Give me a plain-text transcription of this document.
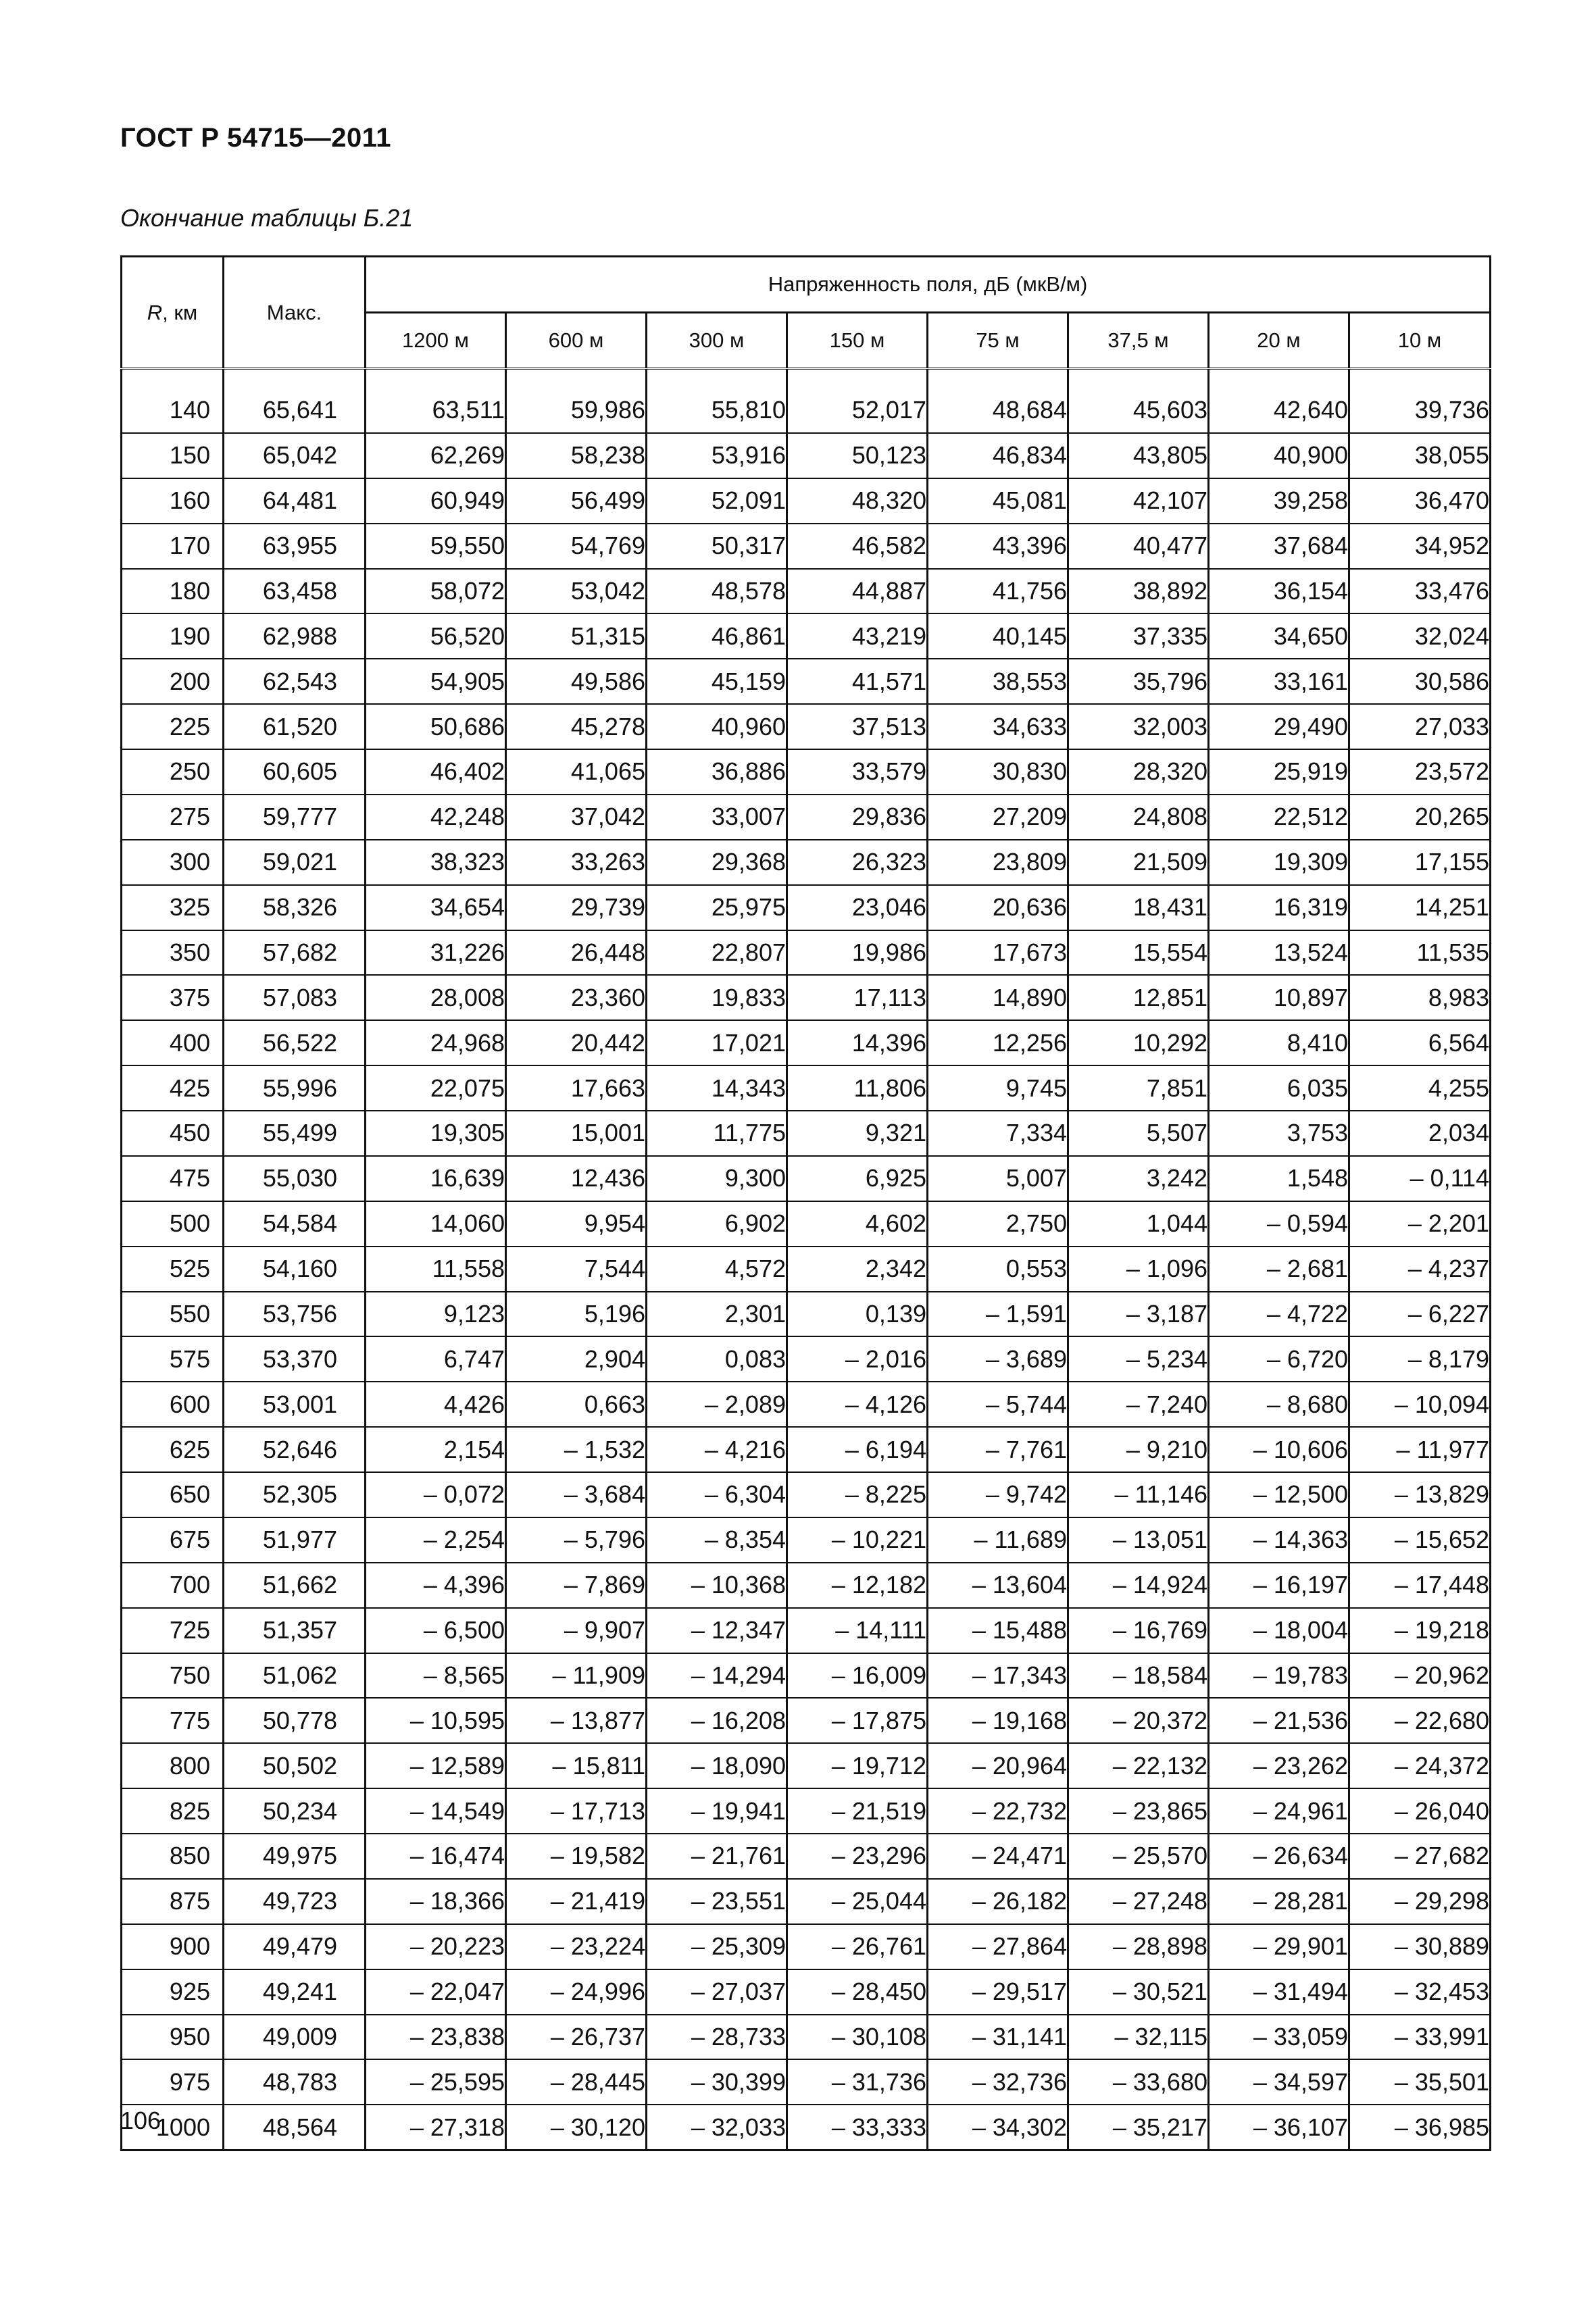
ГОСТ Р 54715—2011
Окончание таблицы Б.21
R, км	Макс.	Напряженность поля, дБ (мкВ/м)							
		1200 м	600 м	300 м	150 м	75 м	37,5 м	20 м	10 м
140	65,641	63,511	59,986	55,810	52,017	48,684	45,603	42,640	39,736
150	65,042	62,269	58,238	53,916	50,123	46,834	43,805	40,900	38,055
160	64,481	60,949	56,499	52,091	48,320	45,081	42,107	39,258	36,470
170	63,955	59,550	54,769	50,317	46,582	43,396	40,477	37,684	34,952
180	63,458	58,072	53,042	48,578	44,887	41,756	38,892	36,154	33,476
190	62,988	56,520	51,315	46,861	43,219	40,145	37,335	34,650	32,024
200	62,543	54,905	49,586	45,159	41,571	38,553	35,796	33,161	30,586
225	61,520	50,686	45,278	40,960	37,513	34,633	32,003	29,490	27,033
250	60,605	46,402	41,065	36,886	33,579	30,830	28,320	25,919	23,572
275	59,777	42,248	37,042	33,007	29,836	27,209	24,808	22,512	20,265
300	59,021	38,323	33,263	29,368	26,323	23,809	21,509	19,309	17,155
325	58,326	34,654	29,739	25,975	23,046	20,636	18,431	16,319	14,251
350	57,682	31,226	26,448	22,807	19,986	17,673	15,554	13,524	11,535
375	57,083	28,008	23,360	19,833	17,113	14,890	12,851	10,897	8,983
400	56,522	24,968	20,442	17,021	14,396	12,256	10,292	8,410	6,564
425	55,996	22,075	17,663	14,343	11,806	9,745	7,851	6,035	4,255
450	55,499	19,305	15,001	11,775	9,321	7,334	5,507	3,753	2,034
475	55,030	16,639	12,436	9,300	6,925	5,007	3,242	1,548	– 0,114
500	54,584	14,060	9,954	6,902	4,602	2,750	1,044	– 0,594	– 2,201
525	54,160	11,558	7,544	4,572	2,342	0,553	– 1,096	– 2,681	– 4,237
550	53,756	9,123	5,196	2,301	0,139	– 1,591	– 3,187	– 4,722	– 6,227
575	53,370	6,747	2,904	0,083	– 2,016	– 3,689	– 5,234	– 6,720	– 8,179
600	53,001	4,426	0,663	– 2,089	– 4,126	– 5,744	– 7,240	– 8,680	– 10,094
625	52,646	2,154	– 1,532	– 4,216	– 6,194	– 7,761	– 9,210	– 10,606	– 11,977
650	52,305	– 0,072	– 3,684	– 6,304	– 8,225	– 9,742	– 11,146	– 12,500	– 13,829
675	51,977	– 2,254	– 5,796	– 8,354	– 10,221	– 11,689	– 13,051	– 14,363	– 15,652
700	51,662	– 4,396	– 7,869	– 10,368	– 12,182	– 13,604	– 14,924	– 16,197	– 17,448
725	51,357	– 6,500	– 9,907	– 12,347	– 14,111	– 15,488	– 16,769	– 18,004	– 19,218
750	51,062	– 8,565	– 11,909	– 14,294	– 16,009	– 17,343	– 18,584	– 19,783	– 20,962
775	50,778	– 10,595	– 13,877	– 16,208	– 17,875	– 19,168	– 20,372	– 21,536	– 22,680
800	50,502	– 12,589	– 15,811	– 18,090	– 19,712	– 20,964	– 22,132	– 23,262	– 24,372
825	50,234	– 14,549	– 17,713	– 19,941	– 21,519	– 22,732	– 23,865	– 24,961	– 26,040
850	49,975	– 16,474	– 19,582	– 21,761	– 23,296	– 24,471	– 25,570	– 26,634	– 27,682
875	49,723	– 18,366	– 21,419	– 23,551	– 25,044	– 26,182	– 27,248	– 28,281	– 29,298
900	49,479	– 20,223	– 23,224	– 25,309	– 26,761	– 27,864	– 28,898	– 29,901	– 30,889
925	49,241	– 22,047	– 24,996	– 27,037	– 28,450	– 29,517	– 30,521	– 31,494	– 32,453
950	49,009	– 23,838	– 26,737	– 28,733	– 30,108	– 31,141	– 32,115	– 33,059	– 33,991
975	48,783	– 25,595	– 28,445	– 30,399	– 31,736	– 32,736	– 33,680	– 34,597	– 35,501
1000	48,564	– 27,318	– 30,120	– 32,033	– 33,333	– 34,302	– 35,217	– 36,107	– 36,985
106
